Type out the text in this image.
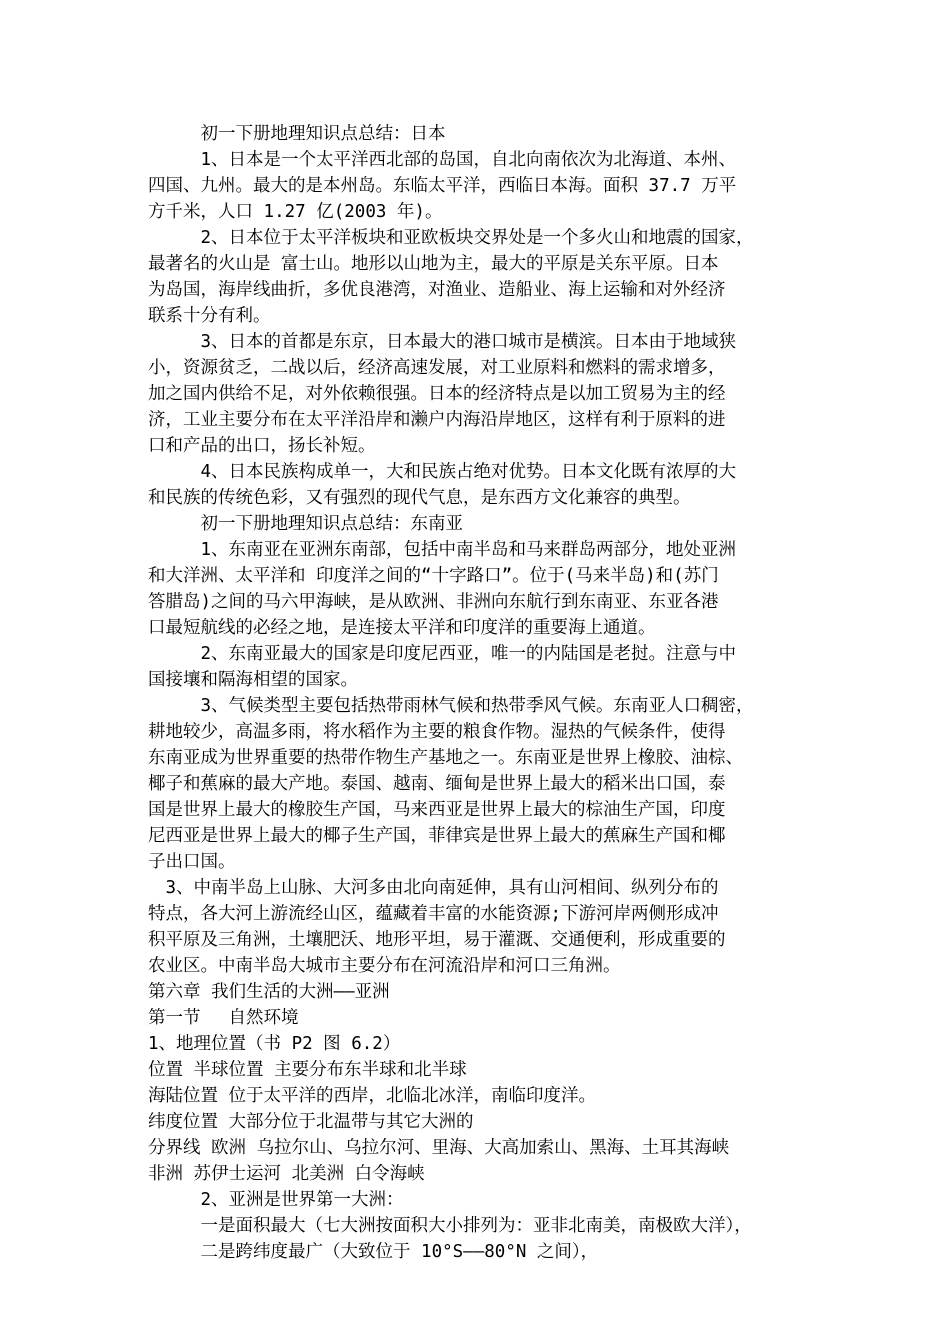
　　　初一下册地理知识点总结：日本
　　　1、日本是一个太平洋西北部的岛国，自北向南依次为北海道、本州、
四国、九州。最大的是本州岛。东临太平洋，西临日本海。面积 37.7 万平
方千米，人口 1.27 亿(2003 年)。
　　　2、日本位于太平洋板块和亚欧板块交界处是一个多火山和地震的国家，
最著名的火山是 富士山。地形以山地为主，最大的平原是关东平原。日本
为岛国，海岸线曲折，多优良港湾，对渔业、造船业、海上运输和对外经济
联系十分有利。
　　　3、日本的首都是东京，日本最大的港口城市是横滨。日本由于地域狭
小，资源贫乏，二战以后，经济高速发展，对工业原料和燃料的需求增多，
加之国内供给不足，对外依赖很强。日本的经济特点是以加工贸易为主的经
济，工业主要分布在太平洋沿岸和濑户内海沿岸地区，这样有利于原料的进
口和产品的出口，扬长补短。
　　　4、日本民族构成单一，大和民族占绝对优势。日本文化既有浓厚的大
和民族的传统色彩，又有强烈的现代气息，是东西方文化兼容的典型。
　　　初一下册地理知识点总结：东南亚
　　　1、东南亚在亚洲东南部，包括中南半岛和马来群岛两部分，地处亚洲
和大洋洲、太平洋和 印度洋之间的“十字路口”。位于(马来半岛)和(苏门
答腊岛)之间的马六甲海峡，是从欧洲、非洲向东航行到东南亚、东亚各港
口最短航线的必经之地，是连接太平洋和印度洋的重要海上通道。
　　　2、东南亚最大的国家是印度尼西亚，唯一的内陆国是老挝。注意与中
国接壤和隔海相望的国家。
　　　3、气候类型主要包括热带雨林气候和热带季风气候。东南亚人口稠密，
耕地较少，高温多雨，将水稻作为主要的粮食作物。湿热的气候条件，使得
东南亚成为世界重要的热带作物生产基地之一。东南亚是世界上橡胶、油棕、
椰子和蕉麻的最大产地。泰国、越南、缅甸是世界上最大的稻米出口国，泰
国是世界上最大的橡胶生产国，马来西亚是世界上最大的棕油生产国，印度
尼西亚是世界上最大的椰子生产国，菲律宾是世界上最大的蕉麻生产国和椰
子出口国。
　3、中南半岛上山脉、大河多由北向南延伸，具有山河相间、纵列分布的
特点，各大河上游流经山区，蕴藏着丰富的水能资源;下游河岸两侧形成冲
积平原及三角洲，土壤肥沃、地形平坦，易于灌溉、交通便利，形成重要的
农业区。中南半岛大城市主要分布在河流沿岸和河口三角洲。
第六章 我们生活的大洲——亚洲
第一节　 自然环境
1、地理位置（书 P2 图 6.2）
位置 半球位置 主要分布东半球和北半球
海陆位置 位于太平洋的西岸，北临北冰洋，南临印度洋。
纬度位置 大部分位于北温带与其它大洲的
分界线 欧洲 乌拉尔山、乌拉尔河、里海、大高加索山、黑海、土耳其海峡
非洲 苏伊士运河 北美洲 白令海峡
　　　2、亚洲是世界第一大洲：
　　　一是面积最大（七大洲按面积大小排列为：亚非北南美，南极欧大洋），
　　　二是跨纬度最广（大致位于 10°S——80°N 之间），
